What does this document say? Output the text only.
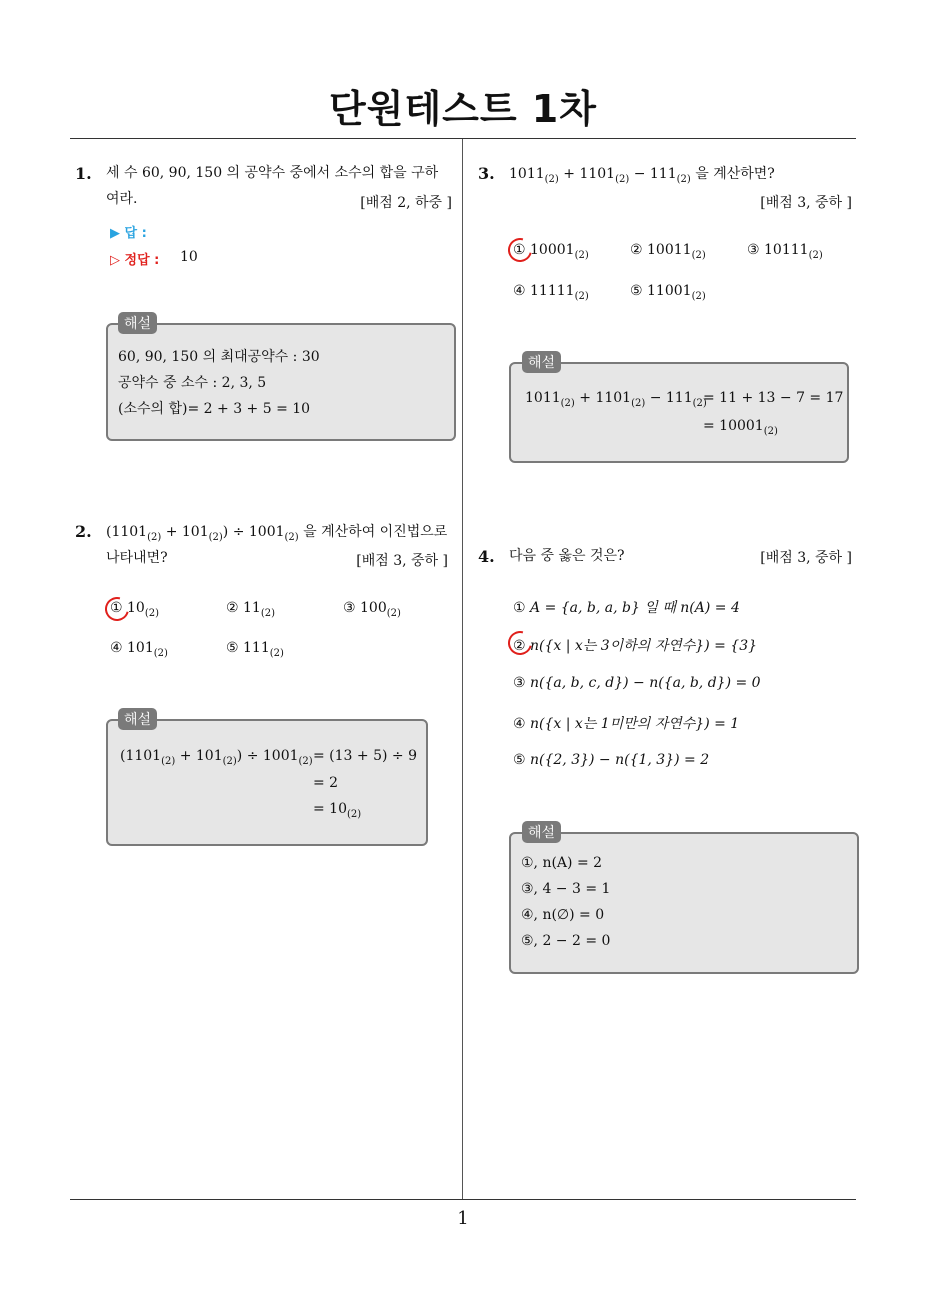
단원테스트 1차
1. 세 수 60, 90, 150 의 공약수 중에서 소수의 합을 구하
여라.	[배점 2, 하중 ]
▶ 답 :
▷ 정답 : 10
해설
60, 90, 150 의 최대공약수 : 30
공약수 중 소수 : 2, 3, 5
(소수의 합)= 2 + 3 + 5 = 10
2. $(1101_{(2)} + 101_{(2)}) \div 1001_{(2)}$ 을 계산하여 이진법으로
나타내면?	[배점 3, 중하 ]
① $10_{(2)}$	② $11_{(2)}$	③ $100_{(2)}$
④ $101_{(2)}$	⑤ $111_{(2)}$
해설
$(1101_{(2)} + 101_{(2)}) \div 1001_{(2)} = (13 + 5) \div 9$
= 2
= $10_{(2)}$
3. $1011_{(2)} + 1101_{(2)} - 111_{(2)}$ 을 계산하면?
[배점 3, 중하 ]
① $10001_{(2)}$	② $10011_{(2)}$	③ $10111_{(2)}$
④ $11111_{(2)}$	⑤ $11001_{(2)}$
해설
$1011_{(2)} + 1101_{(2)} - 111_{(2)}$
= 11 + 13 − 7 = 17
= $10001_{(2)}$
4. 다음 중 옳은 것은?	[배점 3, 중하 ]
① A = {a, b, a, b} 일 때 n(A) = 4
② n({x | x는 3이하의 자연수}) = {3}
③ n({a, b, c, d}) − n({a, b, d}) = 0
④ n({x | x는 1미만의 자연수}) = 1
⑤ n({2, 3}) − n({1, 3}) = 2
해설
①, n(A) = 2
③, 4 − 3 = 1
④, n(∅) = 0
⑤, 2 − 2 = 0
1
